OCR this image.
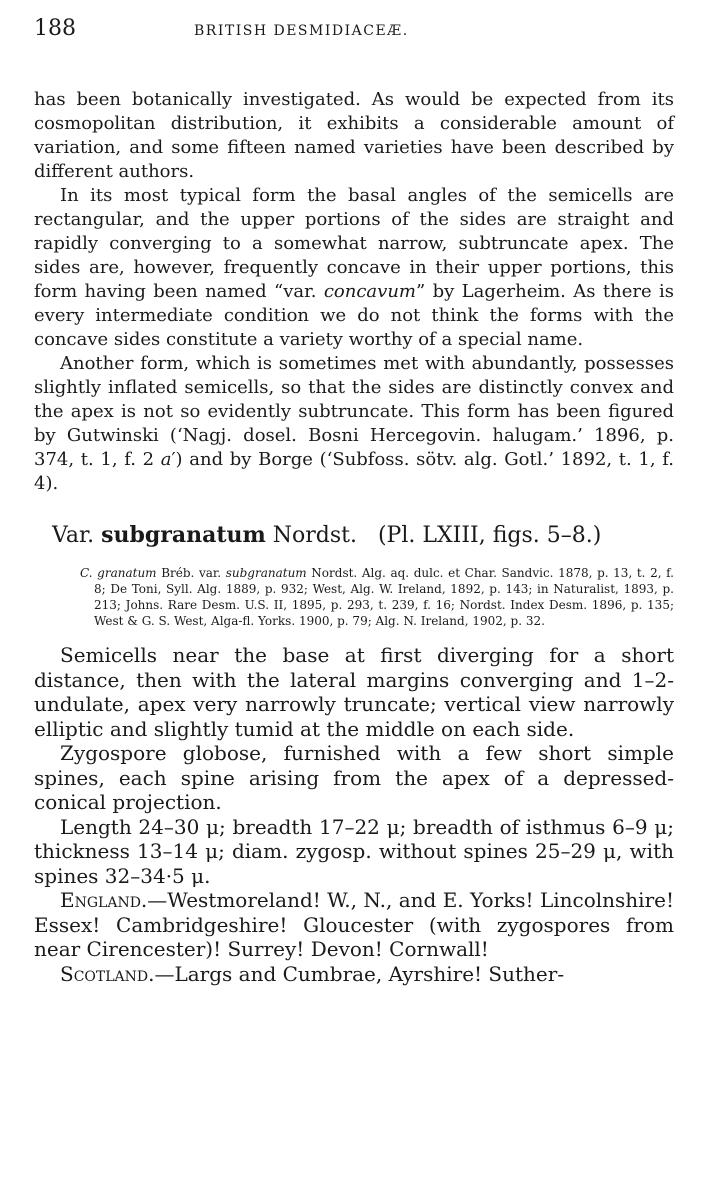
188	BRITISH DESMIDIACEÆ.

has been botanically investigated. As would be expected from its cosmopolitan distribution, it exhibits a considerable amount of variation, and some fifteen named varieties have been described by different authors.

In its most typical form the basal angles of the semicells are rectangular, and the upper portions of the sides are straight and rapidly converging to a somewhat narrow, subtruncate apex. The sides are, however, frequently concave in their upper portions, this form having been named “var. concavum” by Lagerheim. As there is every intermediate condition we do not think the forms with the concave sides constitute a variety worthy of a special name.

Another form, which is sometimes met with abundantly, possesses slightly inflated semicells, so that the sides are distinctly convex and the apex is not so evidently subtruncate. This form has been figured by Gutwinski (‘Nagj. dosel. Bosni Hercegovin. halugam.’ 1896, p. 374, t. 1, f. 2 a′) and by Borge (‘Subfoss. sötv. alg. Gotl.’ 1892, t. 1, f. 4).

Var. subgranatum Nordst. (Pl. LXIII, figs. 5–8.)

C. granatum Bréb. var. subgranatum Nordst. Alg. aq. dulc. et Char. Sandvic. 1878, p. 13, t. 2, f. 8; De Toni, Syll. Alg. 1889, p. 932; West, Alg. W. Ireland, 1892, p. 143; in Naturalist, 1893, p. 213; Johns. Rare Desm. U.S. II, 1895, p. 293, t. 239, f. 16; Nordst. Index Desm. 1896, p. 135; West & G. S. West, Alga-fl. Yorks. 1900, p. 79; Alg. N. Ireland, 1902, p. 32.

Semicells near the base at first diverging for a short distance, then with the lateral margins converging and 1–2-undulate, apex very narrowly truncate; vertical view narrowly elliptic and slightly tumid at the middle on each side.

Zygospore globose, furnished with a few short simple spines, each spine arising from the apex of a depressed-conical projection.

Length 24–30 μ; breadth 17–22 μ; breadth of isthmus 6–9 μ; thickness 13–14 μ; diam. zygosp. without spines 25–29 μ, with spines 32–34·5 μ.

England.—Westmoreland! W., N., and E. Yorks! Lincolnshire! Essex! Cambridgeshire! Gloucester (with zygospores from near Cirencester)! Surrey! Devon! Cornwall!

Scotland.—Largs and Cumbrae, Ayrshire! Suther-
